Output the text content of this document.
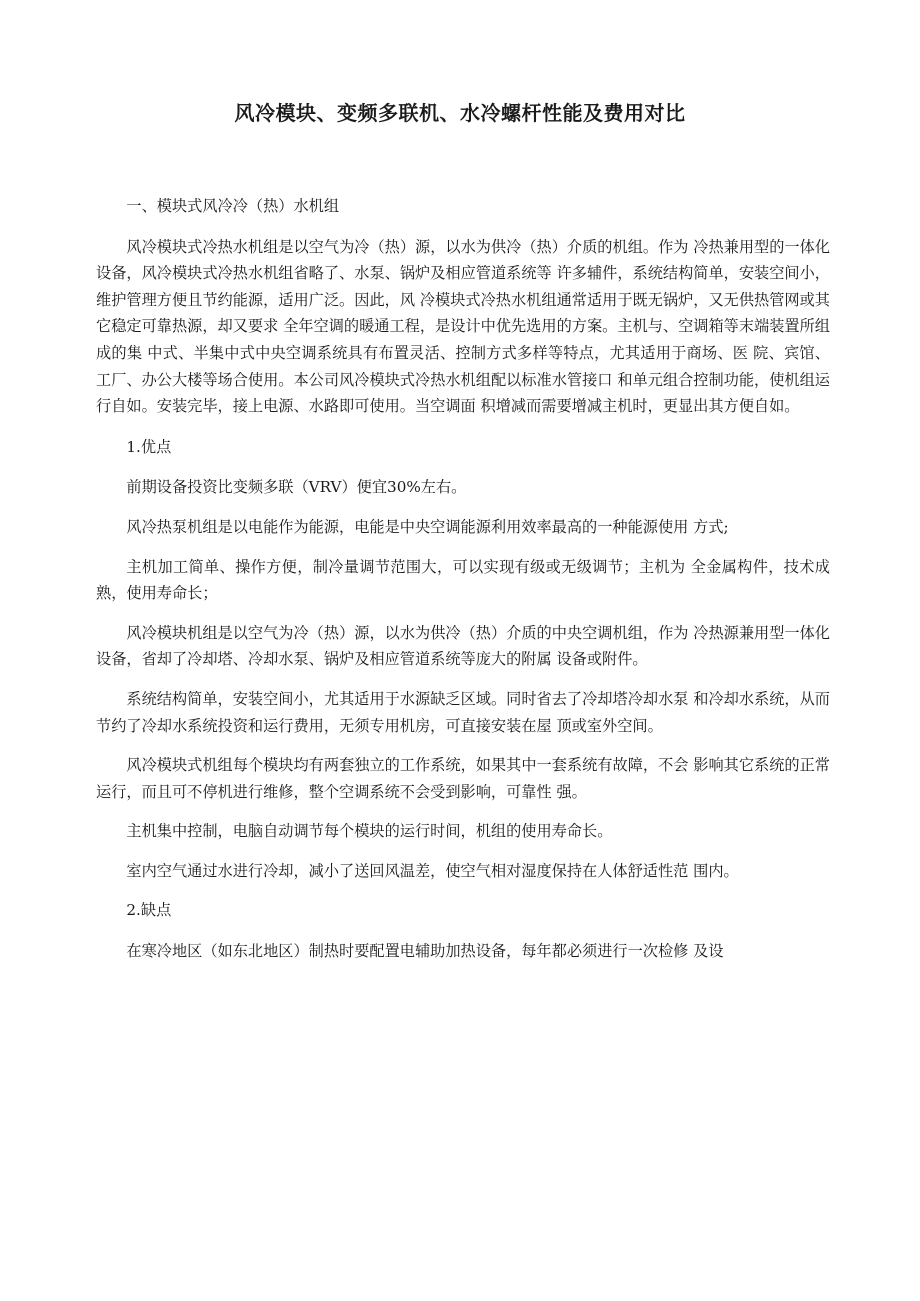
风冷模块、变频多联机、水冷螺杆性能及费用对比

一、模块式风冷冷（热）水机组

风冷模块式冷热水机组是以空气为冷（热）源，以水为供冷（热）介质的机组。作为 冷热兼用型的一体化设备，风冷模块式冷热水机组省略了、水泵、锅炉及相应管道系统等 许多辅件，系统结构简单，安装空间小，维护管理方便且节约能源，适用广泛。因此，风 冷模块式冷热水机组通常适用于既无锅炉，又无供热管网或其它稳定可靠热源，却又要求 全年空调的暖通工程，是设计中优先选用的方案。主机与、空调箱等末端装置所组成的集 中式、半集中式中央空调系统具有布置灵活、控制方式多样等特点，尤其适用于商场、医 院、宾馆、工厂、办公大楼等场合使用。本公司风冷模块式冷热水机组配以标准水管接口 和单元组合控制功能，使机组运行自如。安装完毕，接上电源、水路即可使用。当空调面 积增减而需要增减主机时，更显出其方便自如。

1.优点

前期设备投资比变频多联（VRV）便宜30%左右。

风冷热泵机组是以电能作为能源，电能是中央空调能源利用效率最高的一种能源使用 方式;

主机加工简单、操作方便，制冷量调节范围大，可以实现有级或无级调节；主机为 全金属构件，技术成熟，使用寿命长；

风冷模块机组是以空气为冷（热）源，以水为供冷（热）介质的中央空调机组，作为 冷热源兼用型一体化设备，省却了冷却塔、冷却水泵、锅炉及相应管道系统等庞大的附属 设备或附件。

系统结构简单，安装空间小，尤其适用于水源缺乏区域。同时省去了冷却塔冷却水泵 和冷却水系统，从而节约了冷却水系统投资和运行费用，无须专用机房，可直接安装在屋 顶或室外空间。

风冷模块式机组每个模块均有两套独立的工作系统，如果其中一套系统有故障，不会 影响其它系统的正常运行，而且可不停机进行维修，整个空调系统不会受到影响，可靠性 强。

主机集中控制，电脑自动调节每个模块的运行时间，机组的使用寿命长。

室内空气通过水进行冷却，减小了送回风温差，使空气相对湿度保持在人体舒适性范 围内。

2.缺点

在寒冷地区（如东北地区）制热时要配置电辅助加热设备，每年都必须进行一次检修 及设
